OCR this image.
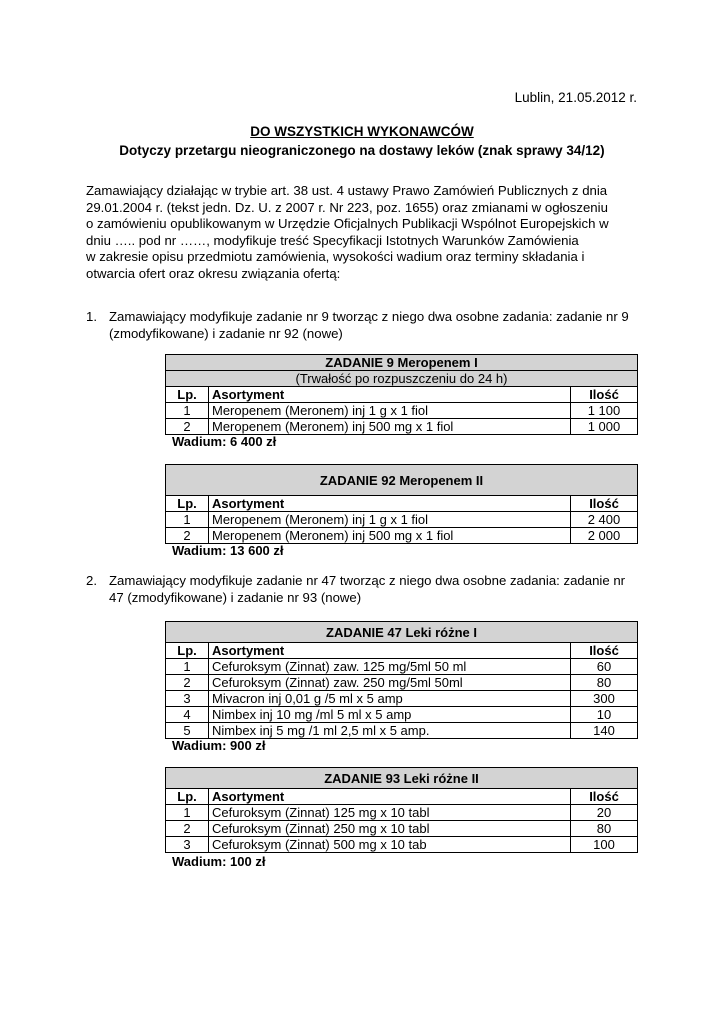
Lublin, 21.05.2012 r.
DO WSZYSTKICH WYKONAWCÓW
Dotyczy przetargu nieograniczonego na dostawy leków (znak sprawy 34/12)
Zamawiający działając w trybie art. 38 ust. 4 ustawy Prawo Zamówień Publicznych z dnia
29.01.2004 r. (tekst jedn. Dz. U. z 2007 r. Nr 223, poz. 1655) oraz zmianami w ogłoszeniu
o zamówieniu opublikowanym w Urzędzie Oficjalnych Publikacji Wspólnot Europejskich w
dniu ….. pod nr ……, modyfikuje treść Specyfikacji Istotnych Warunków Zamówienia
w zakresie opisu przedmiotu zamówienia, wysokości wadium oraz terminy składania i
otwarcia ofert oraz okresu związania ofertą:
1. Zamawiający modyfikuje zadanie nr 9 tworząc z niego dwa osobne zadania: zadanie nr 9
(zmodyfikowane) i zadanie nr 92 (nowe)
ZADANIE 9 Meropenem I		
(Trwałość po rozpuszczeniu do 24 h)		
Lp.	Asortyment	Ilość
1	Meropenem (Meronem) inj 1 g x 1 fiol	1 100
2	Meropenem (Meronem) inj 500 mg x 1 fiol	1 000
Wadium: 6 400 zł
ZADANIE 92 Meropenem II		
Lp.	Asortyment	Ilość
1	Meropenem (Meronem) inj 1 g x 1 fiol	2 400
2	Meropenem (Meronem) inj 500 mg x 1 fiol	2 000
Wadium: 13 600 zł
2. Zamawiający modyfikuje zadanie nr 47 tworząc z niego dwa osobne zadania: zadanie nr
47 (zmodyfikowane) i zadanie nr 93 (nowe)
ZADANIE 47 Leki różne I		
Lp.	Asortyment	Ilość
1	Cefuroksym (Zinnat) zaw. 125 mg/5ml 50 ml	60
2	Cefuroksym (Zinnat) zaw. 250 mg/5ml 50ml	80
3	Mivacron inj 0,01 g /5 ml x 5 amp	300
4	Nimbex inj 10 mg /ml 5 ml x 5 amp	10
5	Nimbex inj 5 mg /1 ml 2,5 ml x 5 amp.	140
Wadium: 900 zł
ZADANIE 93 Leki różne II		
Lp.	Asortyment	Ilość
1	Cefuroksym (Zinnat) 125 mg x 10 tabl	20
2	Cefuroksym (Zinnat) 250 mg x 10 tabl	80
3	Cefuroksym (Zinnat) 500 mg x 10 tab	100
Wadium: 100 zł
